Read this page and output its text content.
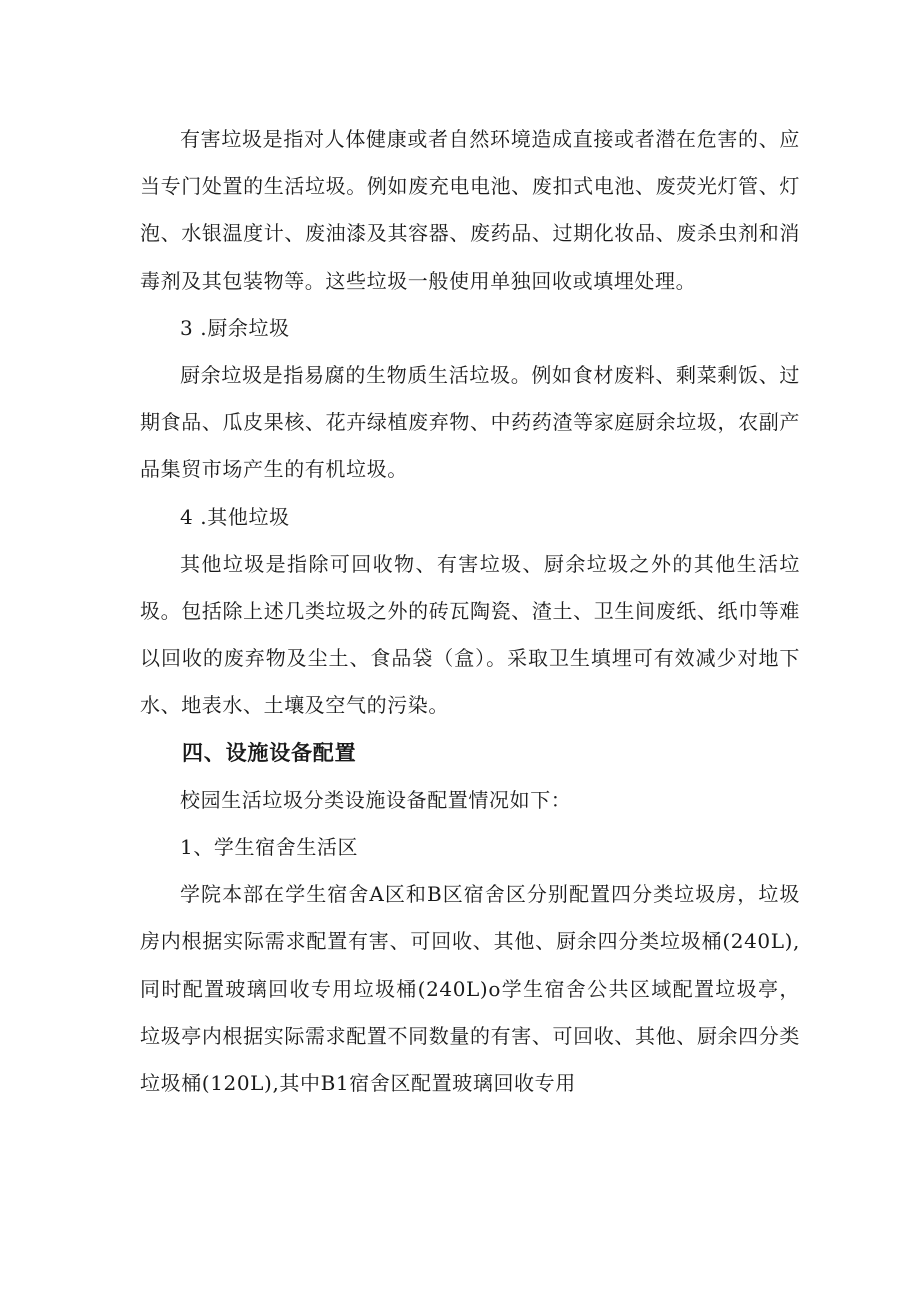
有害垃圾是指对人体健康或者自然环境造成直接或者潜在危害的、应当专门处置的生活垃圾。例如废充电电池、废扣式电池、废荧光灯管、灯泡、水银温度计、废油漆及其容器、废药品、过期化妆品、废杀虫剂和消毒剂及其包装物等。这些垃圾一般使用单独回收或填埋处理。

3 .厨余垃圾

厨余垃圾是指易腐的生物质生活垃圾。例如食材废料、剩菜剩饭、过期食品、瓜皮果核、花卉绿植废弃物、中药药渣等家庭厨余垃圾，农副产品集贸市场产生的有机垃圾。

4 .其他垃圾

其他垃圾是指除可回收物、有害垃圾、厨余垃圾之外的其他生活垃圾。包括除上述几类垃圾之外的砖瓦陶瓷、渣土、卫生间废纸、纸巾等难以回收的废弃物及尘土、食品袋（盒）。采取卫生填埋可有效减少对地下水、地表水、土壤及空气的污染。

四、设施设备配置

校园生活垃圾分类设施设备配置情况如下：

1、学生宿舍生活区

学院本部在学生宿舍A区和B区宿舍区分别配置四分类垃圾房，垃圾房内根据实际需求配置有害、可回收、其他、厨余四分类垃圾桶(240L),同时配置玻璃回收专用垃圾桶(240L)o学生宿舍公共区域配置垃圾亭，垃圾亭内根据实际需求配置不同数量的有害、可回收、其他、厨余四分类垃圾桶(120L),其中B1宿舍区配置玻璃回收专用
